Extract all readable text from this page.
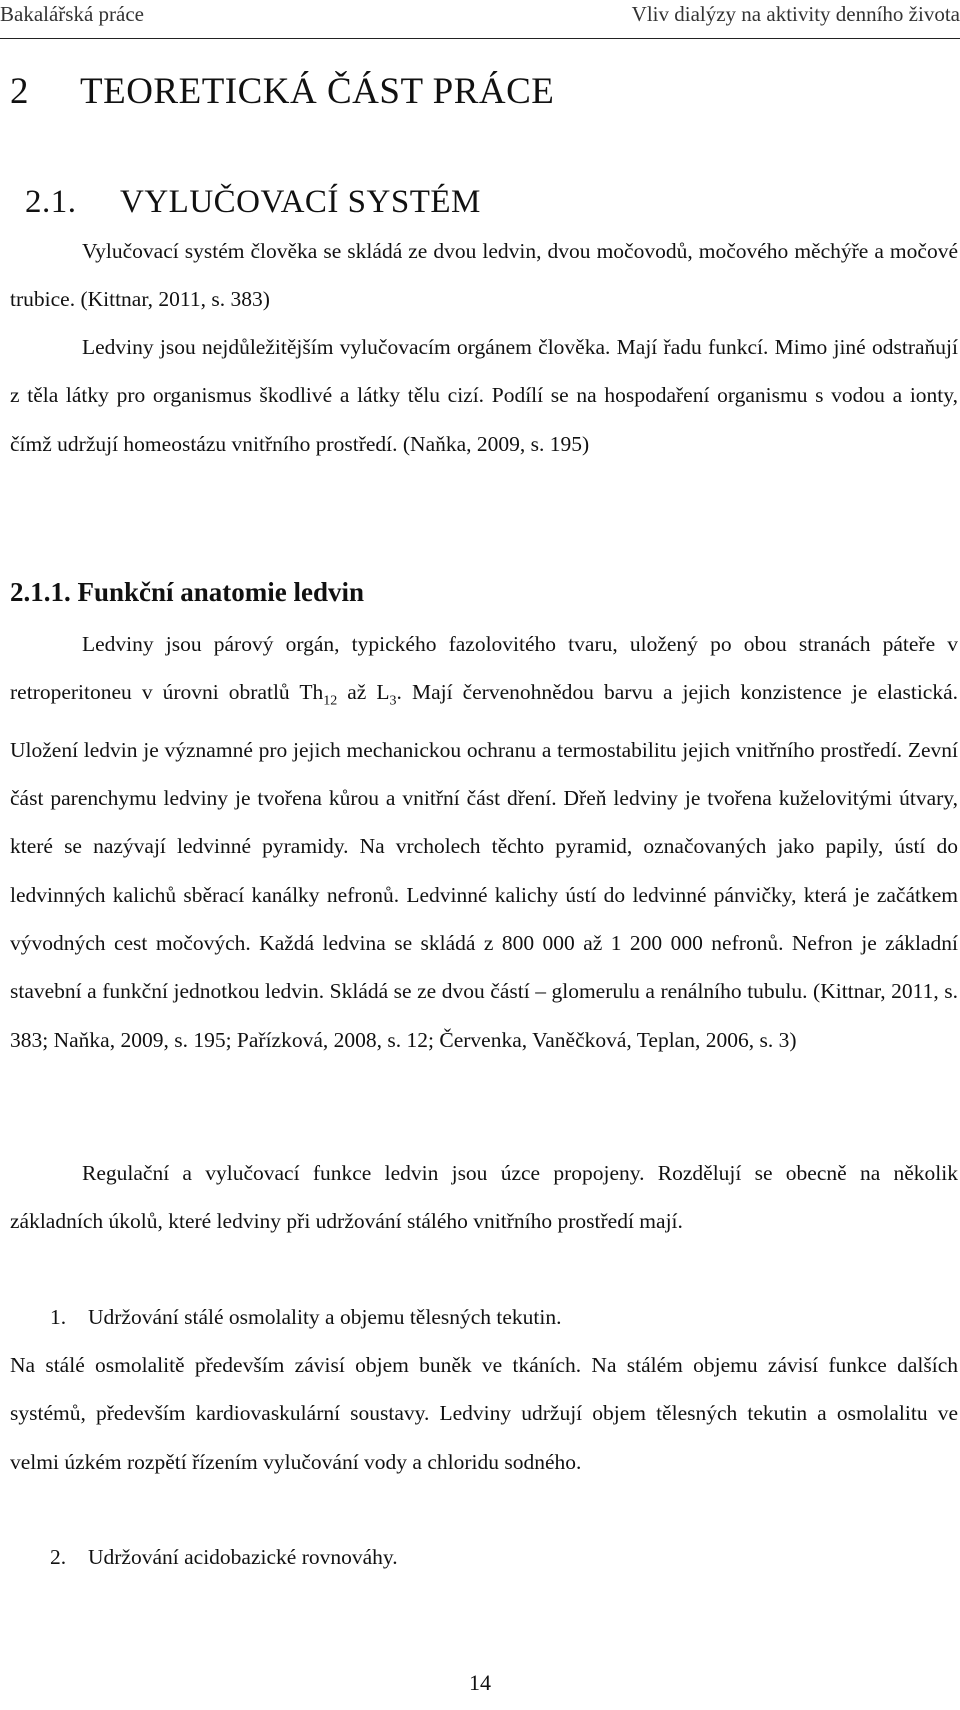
Bakalářská práce	Vliv dialýzy na aktivity denního života
2 TEORETICKÁ ČÁST PRÁCE
2.1. VYLUČOVACÍ SYSTÉM

Vylučovací systém člověka se skládá ze dvou ledvin, dvou močovodů, močového měchýře a močové trubice. (Kittnar, 2011, s. 383)

Ledviny jsou nejdůležitějším vylučovacím orgánem člověka. Mají řadu funkcí. Mimo jiné odstraňují z těla látky pro organismus škodlivé a látky tělu cizí. Podílí se na hospodaření organismu s vodou a ionty, čímž udržují homeostázu vnitřního prostředí. (Naňka, 2009, s. 195)

2.1.1. Funkční anatomie ledvin

Ledviny jsou párový orgán, typického fazolovitého tvaru, uložený po obou stranách páteře v retroperitoneu v úrovni obratlů $Th_{12}$ až $L_3$. Mají červenohnědou barvu a jejich konzistence je elastická. Uložení ledvin je významné pro jejich mechanickou ochranu a termostabilitu jejich vnitřního prostředí. Zevní část parenchymu ledviny je tvořena kůrou a vnitřní část dření. Dřeň ledviny je tvořena kuželovitými útvary, které se nazývají ledvinné pyramidy. Na vrcholech těchto pyramid, označovaných jako papily, ústí do ledvinných kalichů sběrací kanálky nefronů. Ledvinné kalichy ústí do ledvinné pánvičky, která je začátkem vývodných cest močových. Každá ledvina se skládá z 800 000 až 1 200 000 nefronů. Nefron je základní stavební a funkční jednotkou ledvin. Skládá se ze dvou částí – glomerulu a renálního tubulu. (Kittnar, 2011, s. 383; Naňka, 2009, s. 195; Pařízková, 2008, s. 12; Červenka, Vaněčková, Teplan, 2006, s. 3)

Regulační a vylučovací funkce ledvin jsou úzce propojeny. Rozdělují se obecně na několik základních úkolů, které ledviny při udržování stálého vnitřního prostředí mají.

1. Udržování stálé osmolality a objemu tělesných tekutin.

Na stálé osmolalitě především závisí objem buněk ve tkáních. Na stálém objemu závisí funkce dalších systémů, především kardiovaskulární soustavy. Ledviny udržují objem tělesných tekutin a osmolalitu ve velmi úzkém rozpětí řízením vylučování vody a chloridu sodného.

2. Udržování acidobazické rovnováhy.

14
